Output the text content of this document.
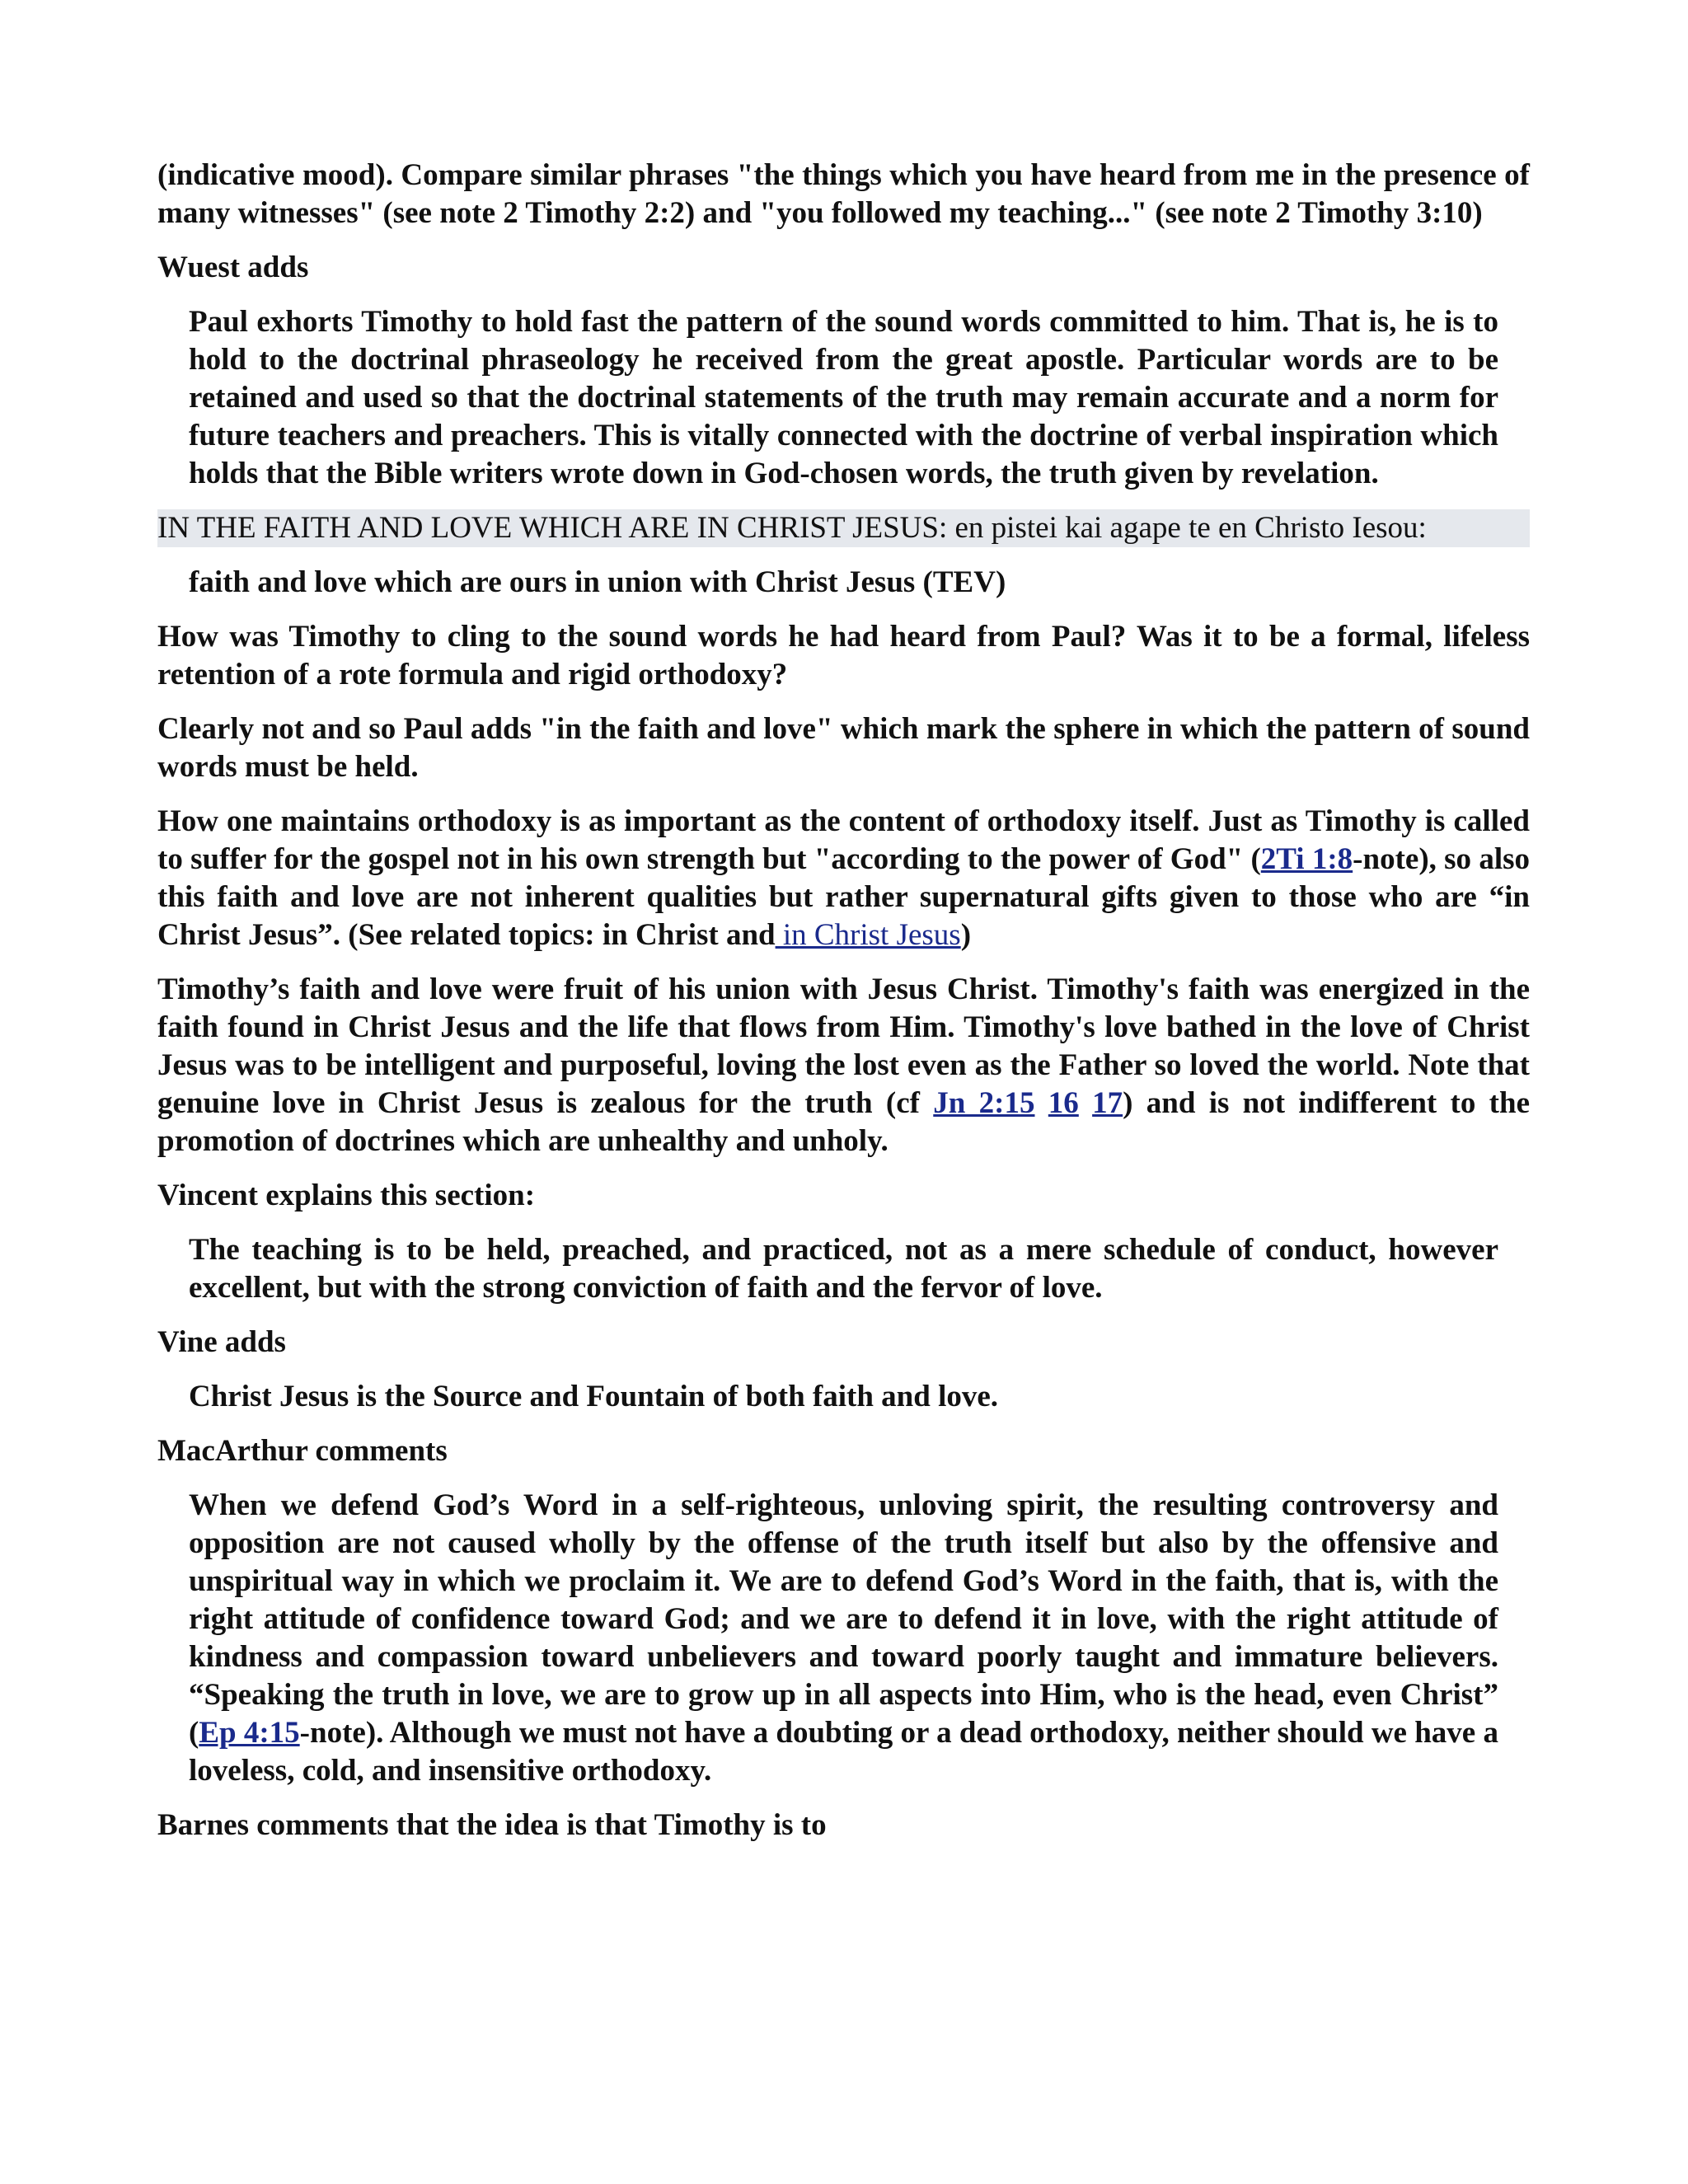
(indicative mood). Compare similar phrases "the things which you have heard from me in the presence of many witnesses" (see note 2 Timothy 2:2) and "you followed my teaching..." (see note 2 Timothy 3:10)

Wuest adds

Paul exhorts Timothy to hold fast the pattern of the sound words committed to him. That is, he is to hold to the doctrinal phraseology he received from the great apostle. Particular words are to be retained and used so that the doctrinal statements of the truth may remain accurate and a norm for future teachers and preachers. This is vitally connected with the doctrine of verbal inspiration which holds that the Bible writers wrote down in God-chosen words, the truth given by revelation.

IN THE FAITH AND LOVE WHICH ARE IN CHRIST JESUS: en pistei kai agape te en Christo Iesou:

faith and love which are ours in union with Christ Jesus (TEV)

How was Timothy to cling to the sound words he had heard from Paul? Was it to be a formal, lifeless retention of a rote formula and rigid orthodoxy?

Clearly not and so Paul adds "in the faith and love" which mark the sphere in which the pattern of sound words must be held.

How one maintains orthodoxy is as important as the content of orthodoxy itself. Just as Timothy is called to suffer for the gospel not in his own strength but "according to the power of God" (2Ti 1:8-note), so also this faith and love are not inherent qualities but rather supernatural gifts given to those who are “in Christ Jesus”. (See related topics: in Christ and in Christ Jesus)

Timothy’s faith and love were fruit of his union with Jesus Christ. Timothy's faith was energized in the faith found in Christ Jesus and the life that flows from Him. Timothy's love bathed in the love of Christ Jesus was to be intelligent and purposeful, loving the lost even as the Father so loved the world. Note that genuine love in Christ Jesus is zealous for the truth (cf Jn 2:15 16 17) and is not indifferent to the promotion of doctrines which are unhealthy and unholy.

Vincent explains this section:

The teaching is to be held, preached, and practiced, not as a mere schedule of conduct, however excellent, but with the strong conviction of faith and the fervor of love.

Vine adds

Christ Jesus is the Source and Fountain of both faith and love.

MacArthur comments

When we defend God’s Word in a self-righteous, unloving spirit, the resulting controversy and opposition are not caused wholly by the offense of the truth itself but also by the offensive and unspiritual way in which we proclaim it. We are to defend God’s Word in the faith, that is, with the right attitude of confidence toward God; and we are to defend it in love, with the right attitude of kindness and compassion toward unbelievers and toward poorly taught and immature believers. “Speaking the truth in love, we are to grow up in all aspects into Him, who is the head, even Christ” (Ep 4:15-note). Although we must not have a doubting or a dead orthodoxy, neither should we have a loveless, cold, and insensitive orthodoxy.

Barnes comments that the idea is that Timothy is to
